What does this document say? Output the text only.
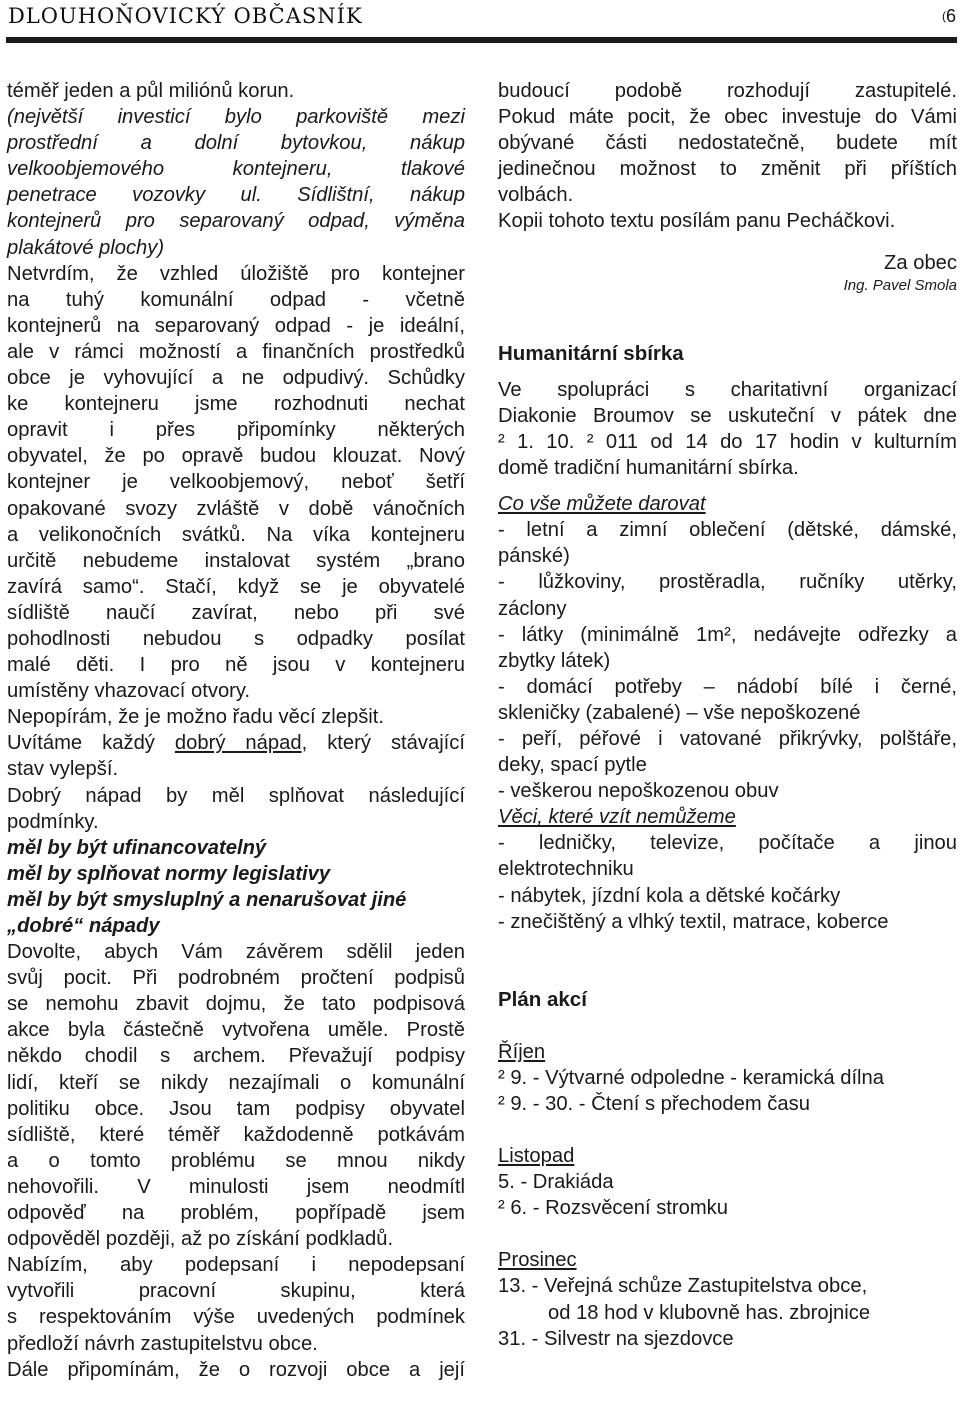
DLOUHOŇOVICKÝ OBČASNÍK	(6

téměř jeden a půl miliónů korun.

(největší investicí bylo parkoviště mezi

prostřední a dolní bytovkou, nákup

velkoobjemového kontejneru, tlakové

penetrace vozovky ul. Sídlištní, nákup

kontejnerů pro separovaný odpad, výměna

plakátové plochy)

Netvrdím, že vzhled úložiště pro kontejner

na tuhý komunální odpad - včetně

kontejnerů na separovaný odpad - je ideální,

ale v rámci možností a finančních prostředků

obce je vyhovující a ne odpudivý. Schůdky

ke kontejneru jsme rozhodnuti nechat

opravit i přes připomínky některých

obyvatel, že po opravě budou klouzat. Nový

kontejner je velkoobjemový, neboť šetří

opakované svozy zvláště v době vánočních

a velikonočních svátků. Na víka kontejneru

určitě nebudeme instalovat systém „brano

zavírá samo“. Stačí, když se je obyvatelé

sídliště naučí zavírat, nebo při své

pohodlnosti nebudou s odpadky posílat

malé děti. I pro ně jsou v kontejneru

umístěny vhazovací otvory.

Nepopírám, že je možno řadu věcí zlepšit.

Uvítáme každý dobrý nápad, který stávající

stav vylepší.

Dobrý nápad by měl splňovat následující

podmínky.

měl by být ufinancovatelný

měl by splňovat normy legislativy

měl by být smysluplný a nenarušovat jiné

„dobré“ nápady

Dovolte, abych Vám závěrem sdělil jeden

svůj pocit. Při podrobném pročtení podpisů

se nemohu zbavit dojmu, že tato podpisová

akce byla částečně vytvořena uměle. Prostě

někdo chodil s archem. Převažují podpisy

lidí, kteří se nikdy nezajímali o komunální

politiku obce. Jsou tam podpisy obyvatel

sídliště, které téměř každodenně potkávám

a o tomto problému se mnou nikdy

nehovořili. V minulosti jsem neodmítl

odpověď na problém, popřípadě jsem

odpověděl později, až po získání podkladů.

Nabízím, aby podepsaní i nepodepsaní

vytvořili pracovní skupinu, která

s respektováním výše uvedených podmínek

předloží návrh zastupitelstvu obce.

Dále připomínám, že o rozvoji obce a její

budoucí podobě rozhodují zastupitelé.

Pokud máte pocit, že obec investuje do Vámi

obývané části nedostatečně, budete mít

jedinečnou možnost to změnit při příštích

volbách.

Kopii tohoto textu posílám panu Pecháčkovi.

Za obec

Ing. Pavel Smola

Humanitární sbírka

Ve spolupráci s charitativní organizací

Diakonie Broumov se uskuteční v pátek dne

² 1. 10. ² 011 od 14 do 17 hodin v kulturním

domě tradiční humanitární sbírka.

Co vše můžete darovat

- letní a zimní oblečení (dětské, dámské,

pánské)

- lůžkoviny, prostěradla, ručníky utěrky,

záclony

- látky (minimálně 1m², nedávejte odřezky a

zbytky látek)

- domácí potřeby – nádobí bílé i černé,

skleničky (zabalené) – vše nepoškozené

- peří, péřové i vatované přikrývky, polštáře,

deky, spací pytle

- veškerou nepoškozenou obuv

Věci, které vzít nemůžeme

- ledničky, televize, počítače a jinou

elektrotechniku

- nábytek, jízdní kola a dětské kočárky

- znečištěný a vlhký textil, matrace, koberce

Plán akcí

Říjen

² 9. - Výtvarné odpoledne - keramická dílna

² 9. - 30. - Čtení s přechodem času

Listopad

5. - Drakiáda

² 6. - Rozsvěcení stromku

Prosinec

13. - Veřejná schůze Zastupitelstva obce,

od 18 hod v klubovně has. zbrojnice

31. - Silvestr na sjezdovce
